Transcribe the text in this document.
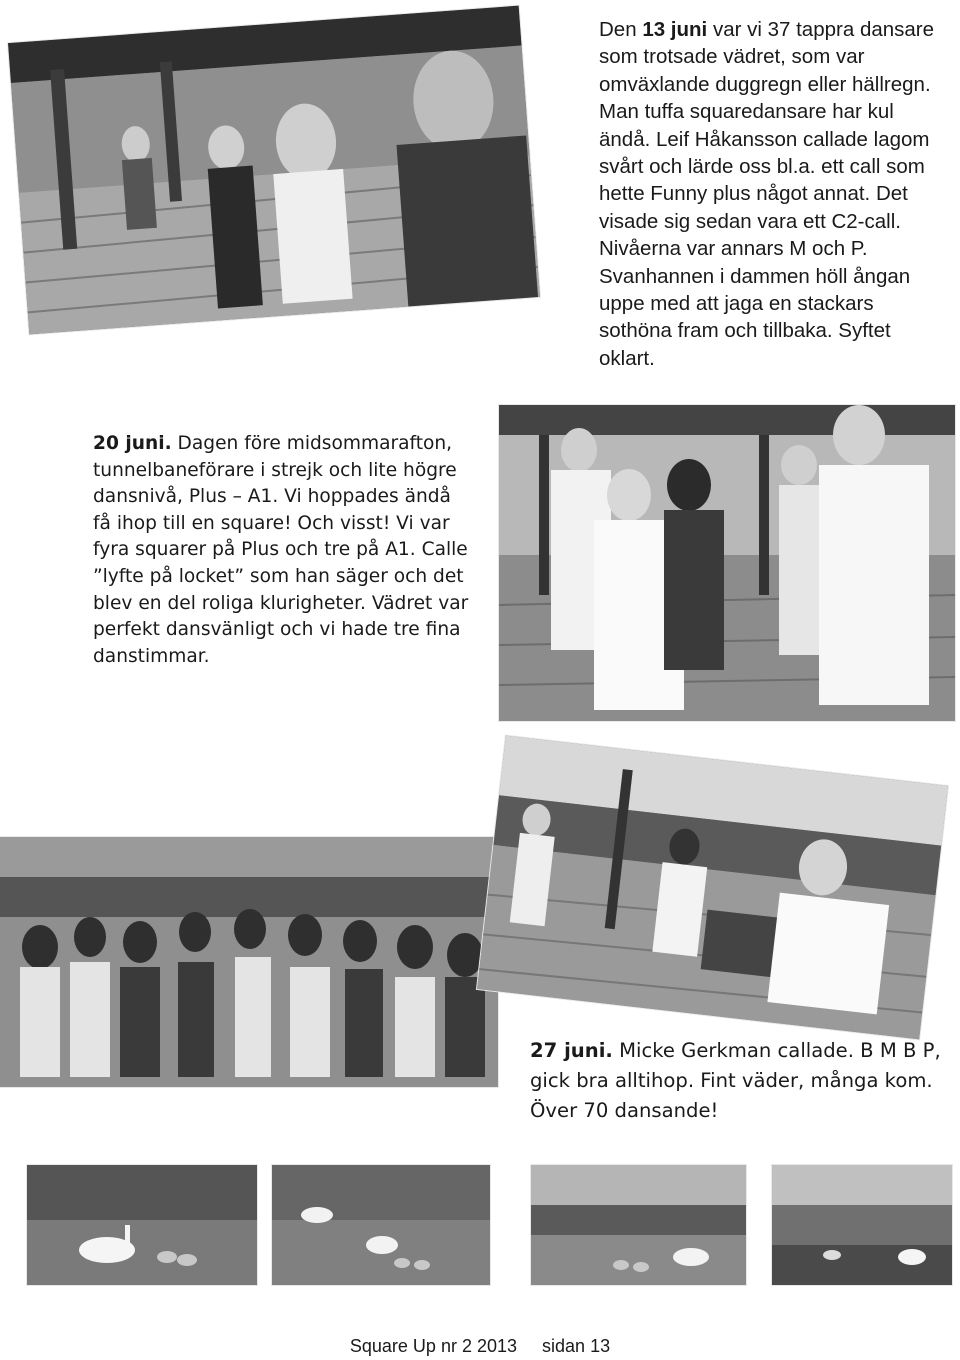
Den 13 juni var vi 37 tappra dansare som trotsade vädret, som var omväxlande duggregn eller hällregn. Man tuffa squaredansare har kul ändå. Leif Håkansson callade lagom svårt och lärde oss bl.a. ett call som hette Funny plus något annat. Det visade sig sedan vara ett C2-call. Nivåerna var annars M och P. Svanhannen i dammen höll ångan uppe med att jaga en stackars sothöna fram och tillbaka. Syftet oklart.
20 juni. Dagen före midsommarafton, tunnelbaneförare i strejk och lite högre dansnivå, Plus – A1. Vi hoppades ändå få ihop till en square! Och visst! Vi var fyra squarer på Plus och tre på A1. Calle ”lyfte på locket” som han säger och det blev en del roliga klurigheter. Vädret var perfekt dansvänligt och vi hade tre fina danstimmar.
27 juni. Micke Gerkman callade. B M B P, gick bra alltihop. Fint väder, många kom. Över 70 dansande!
Square Up nr 2 2013 sidan 13
